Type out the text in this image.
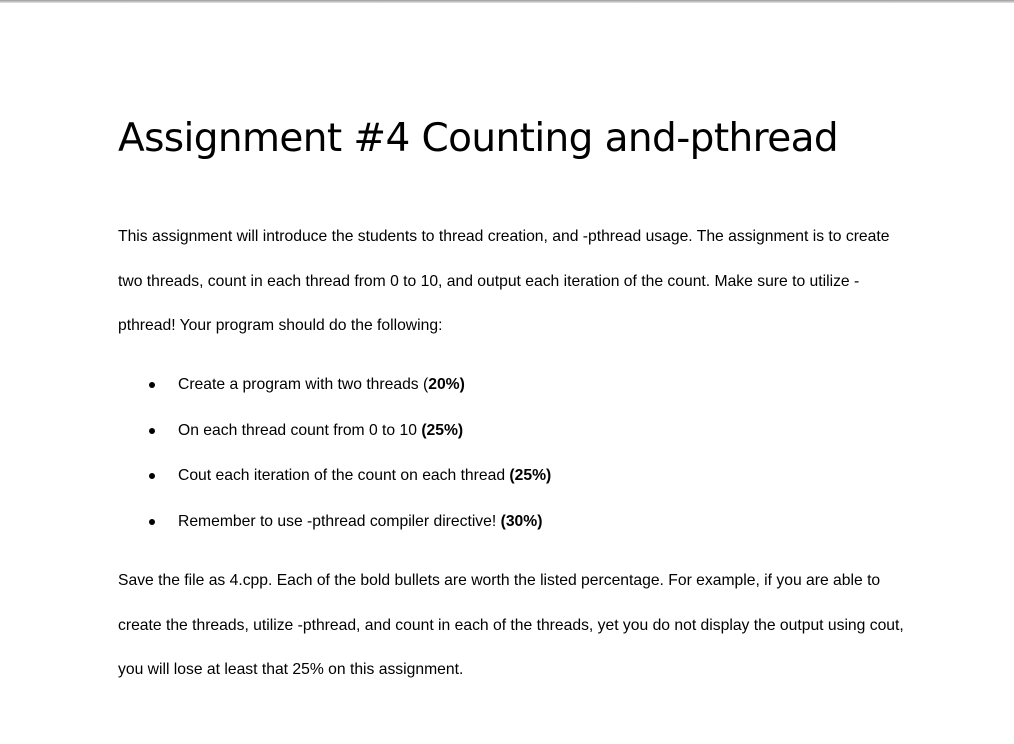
Assignment #4 Counting and-pthread

This assignment will introduce the students to thread creation, and -pthread usage. The assignment is to create two threads, count in each thread from 0 to 10, and output each iteration of the count. Make sure to utilize -pthread! Your program should do the following:

Create a program with two threads (20%)
On each thread count from 0 to 10 (25%)
Cout each iteration of the count on each thread (25%)
Remember to use -pthread compiler directive! (30%)

Save the file as 4.cpp. Each of the bold bullets are worth the listed percentage. For example, if you are able to create the threads, utilize -pthread, and count in each of the threads, yet you do not display the output using cout, you will lose at least that 25% on this assignment.
